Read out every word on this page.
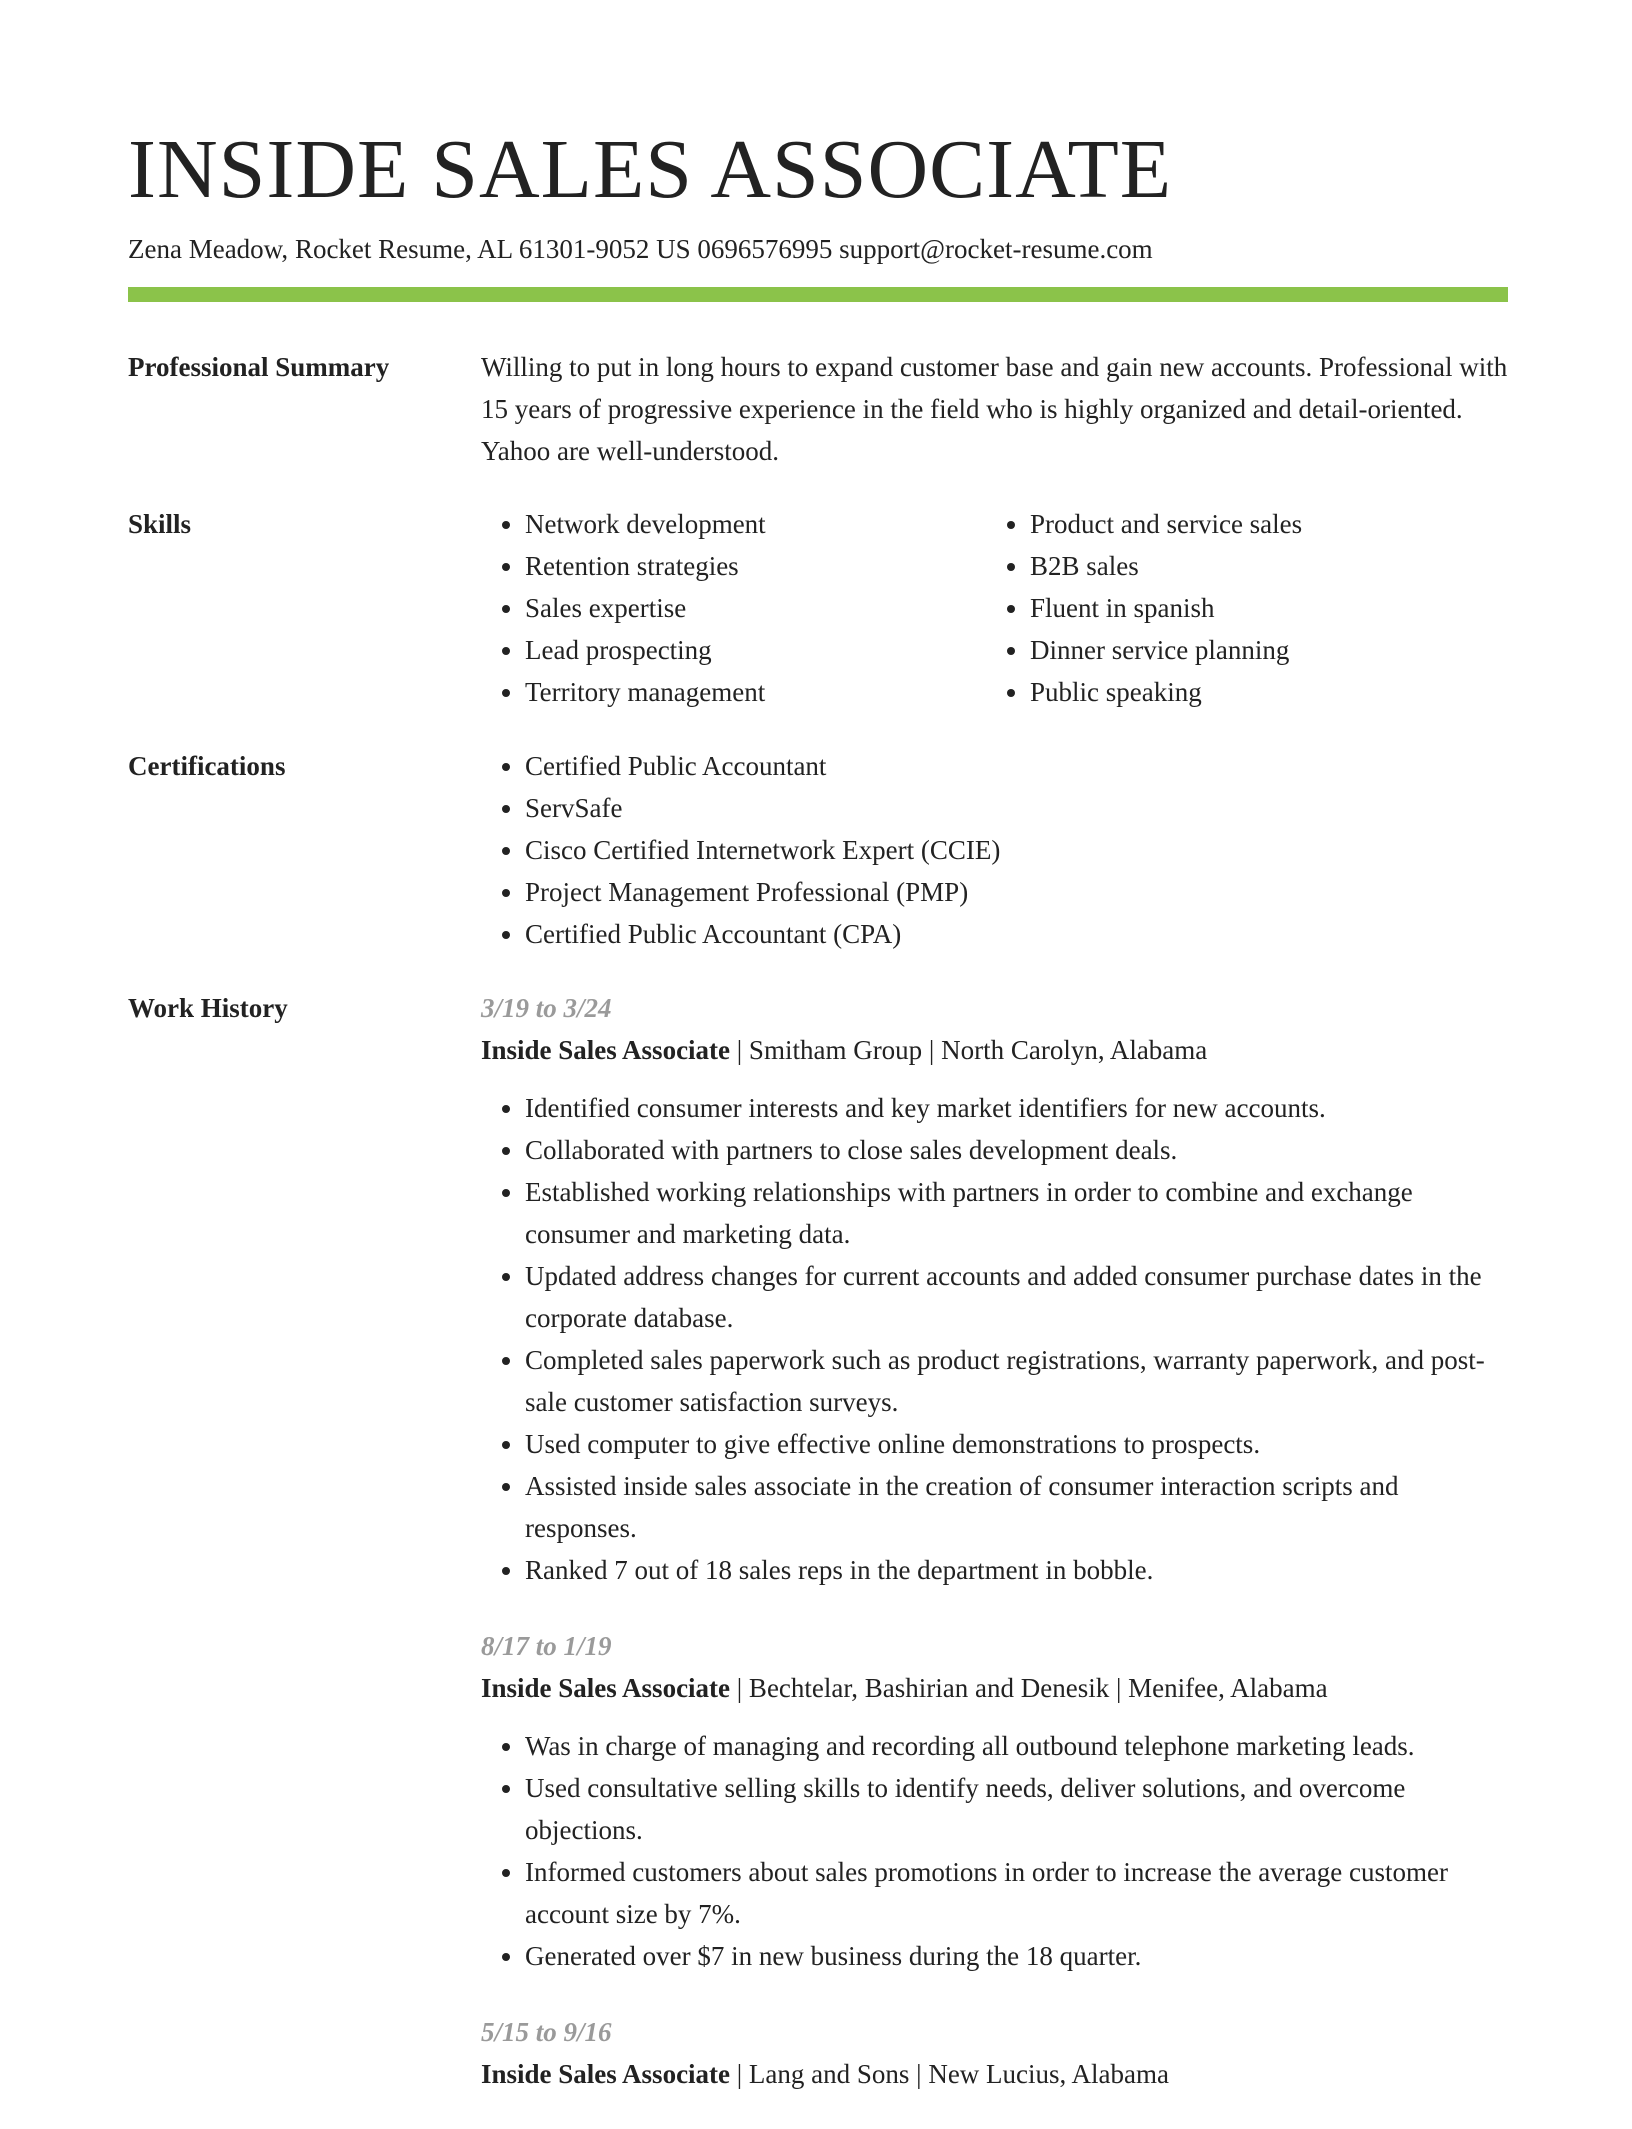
INSIDE SALES ASSOCIATE
Zena Meadow, Rocket Resume, AL 61301-9052 US 0696576995 support@rocket-resume.com
Professional Summary	Willing to put in long hours to expand customer base and gain new accounts. Professional with 15 years of progressive experience in the field who is highly organized and detail-oriented. Yahoo are well-understood.

Skills	• Network development
• Retention strategies
• Sales expertise
• Lead prospecting
• Territory management
• Product and service sales
• B2B sales
• Fluent in spanish
• Dinner service planning
• Public speaking
Certifications	• Certified Public Accountant
• ServSafe
• Cisco Certified Internetwork Expert (CCIE)
• Project Management Professional (PMP)
• Certified Public Accountant (CPA)
Work History	3/19 to 3/24
Inside Sales Associate | Smitham Group | North Carolyn, Alabama
• Identified consumer interests and key market identifiers for new accounts.
• Collaborated with partners to close sales development deals.
• Established working relationships with partners in order to combine and exchange consumer and marketing data.
• Updated address changes for current accounts and added consumer purchase dates in the corporate database.
• Completed sales paperwork such as product registrations, warranty paperwork, and post-sale customer satisfaction surveys.
• Used computer to give effective online demonstrations to prospects.
• Assisted inside sales associate in the creation of consumer interaction scripts and responses.
• Ranked 7 out of 18 sales reps in the department in bobble.
8/17 to 1/19
Inside Sales Associate | Bechtelar, Bashirian and Denesik | Menifee, Alabama
• Was in charge of managing and recording all outbound telephone marketing leads.
• Used consultative selling skills to identify needs, deliver solutions, and overcome objections.
• Informed customers about sales promotions in order to increase the average customer account size by 7%.
• Generated over $7 in new business during the 18 quarter.
5/15 to 9/16
Inside Sales Associate | Lang and Sons | New Lucius, Alabama
